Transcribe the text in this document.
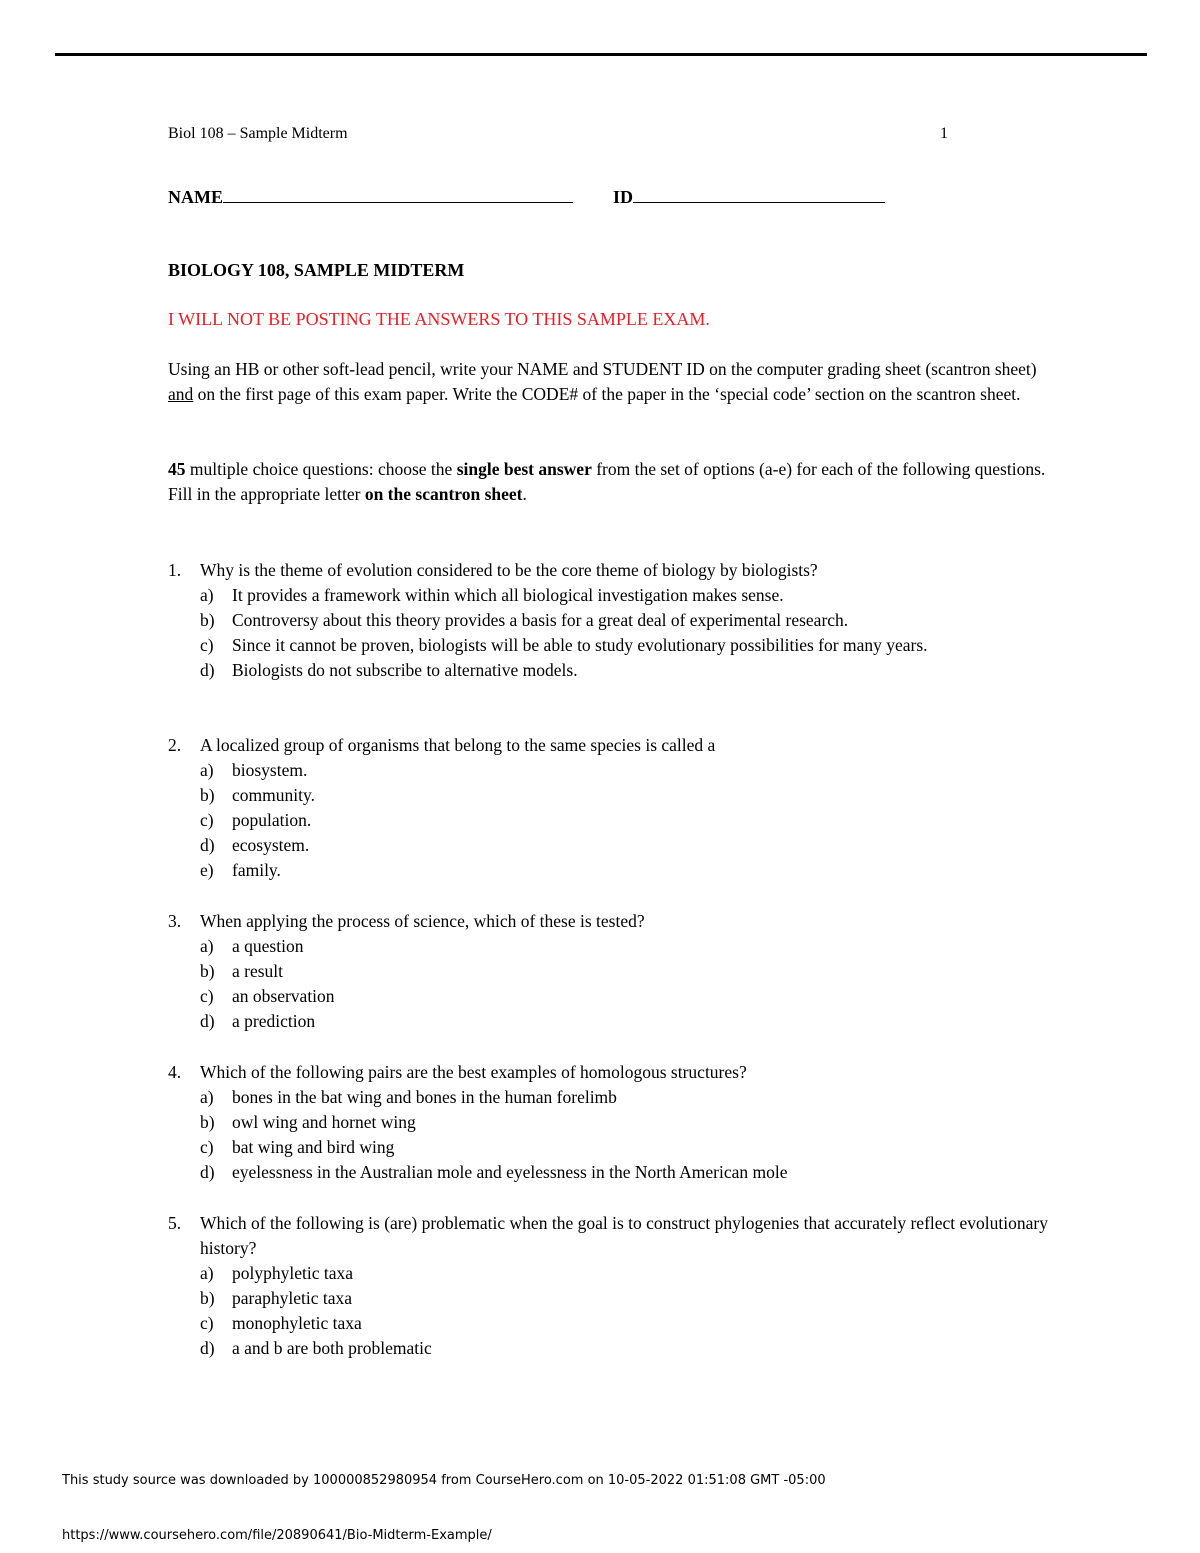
Biol 108 – Sample Midterm	1
NAME	ID
BIOLOGY 108, SAMPLE MIDTERM
I WILL NOT BE POSTING THE ANSWERS TO THIS SAMPLE EXAM.
Using an HB or other soft-lead pencil, write your NAME and STUDENT ID on the computer grading sheet (scantron sheet) and on the first page of this exam paper. Write the CODE# of the paper in the ‘special code’ section on the scantron sheet.
45 multiple choice questions: choose the single best answer from the set of options (a-e) for each of the following questions. Fill in the appropriate letter on the scantron sheet.
1. Why is the theme of evolution considered to be the core theme of biology by biologists?
a) It provides a framework within which all biological investigation makes sense.
b) Controversy about this theory provides a basis for a great deal of experimental research.
c) Since it cannot be proven, biologists will be able to study evolutionary possibilities for many years.
d) Biologists do not subscribe to alternative models.
2. A localized group of organisms that belong to the same species is called a
a) biosystem.
b) community.
c) population.
d) ecosystem.
e) family.
3. When applying the process of science, which of these is tested?
a) a question
b) a result
c) an observation
d) a prediction
4. Which of the following pairs are the best examples of homologous structures?
a) bones in the bat wing and bones in the human forelimb
b) owl wing and hornet wing
c) bat wing and bird wing
d) eyelessness in the Australian mole and eyelessness in the North American mole
5. Which of the following is (are) problematic when the goal is to construct phylogenies that accurately reflect evolutionary history?
a) polyphyletic taxa
b) paraphyletic taxa
c) monophyletic taxa
d) a and b are both problematic
This study source was downloaded by 100000852980954 from CourseHero.com on 10-05-2022 01:51:08 GMT -05:00
https://www.coursehero.com/file/20890641/Bio-Midterm-Example/
